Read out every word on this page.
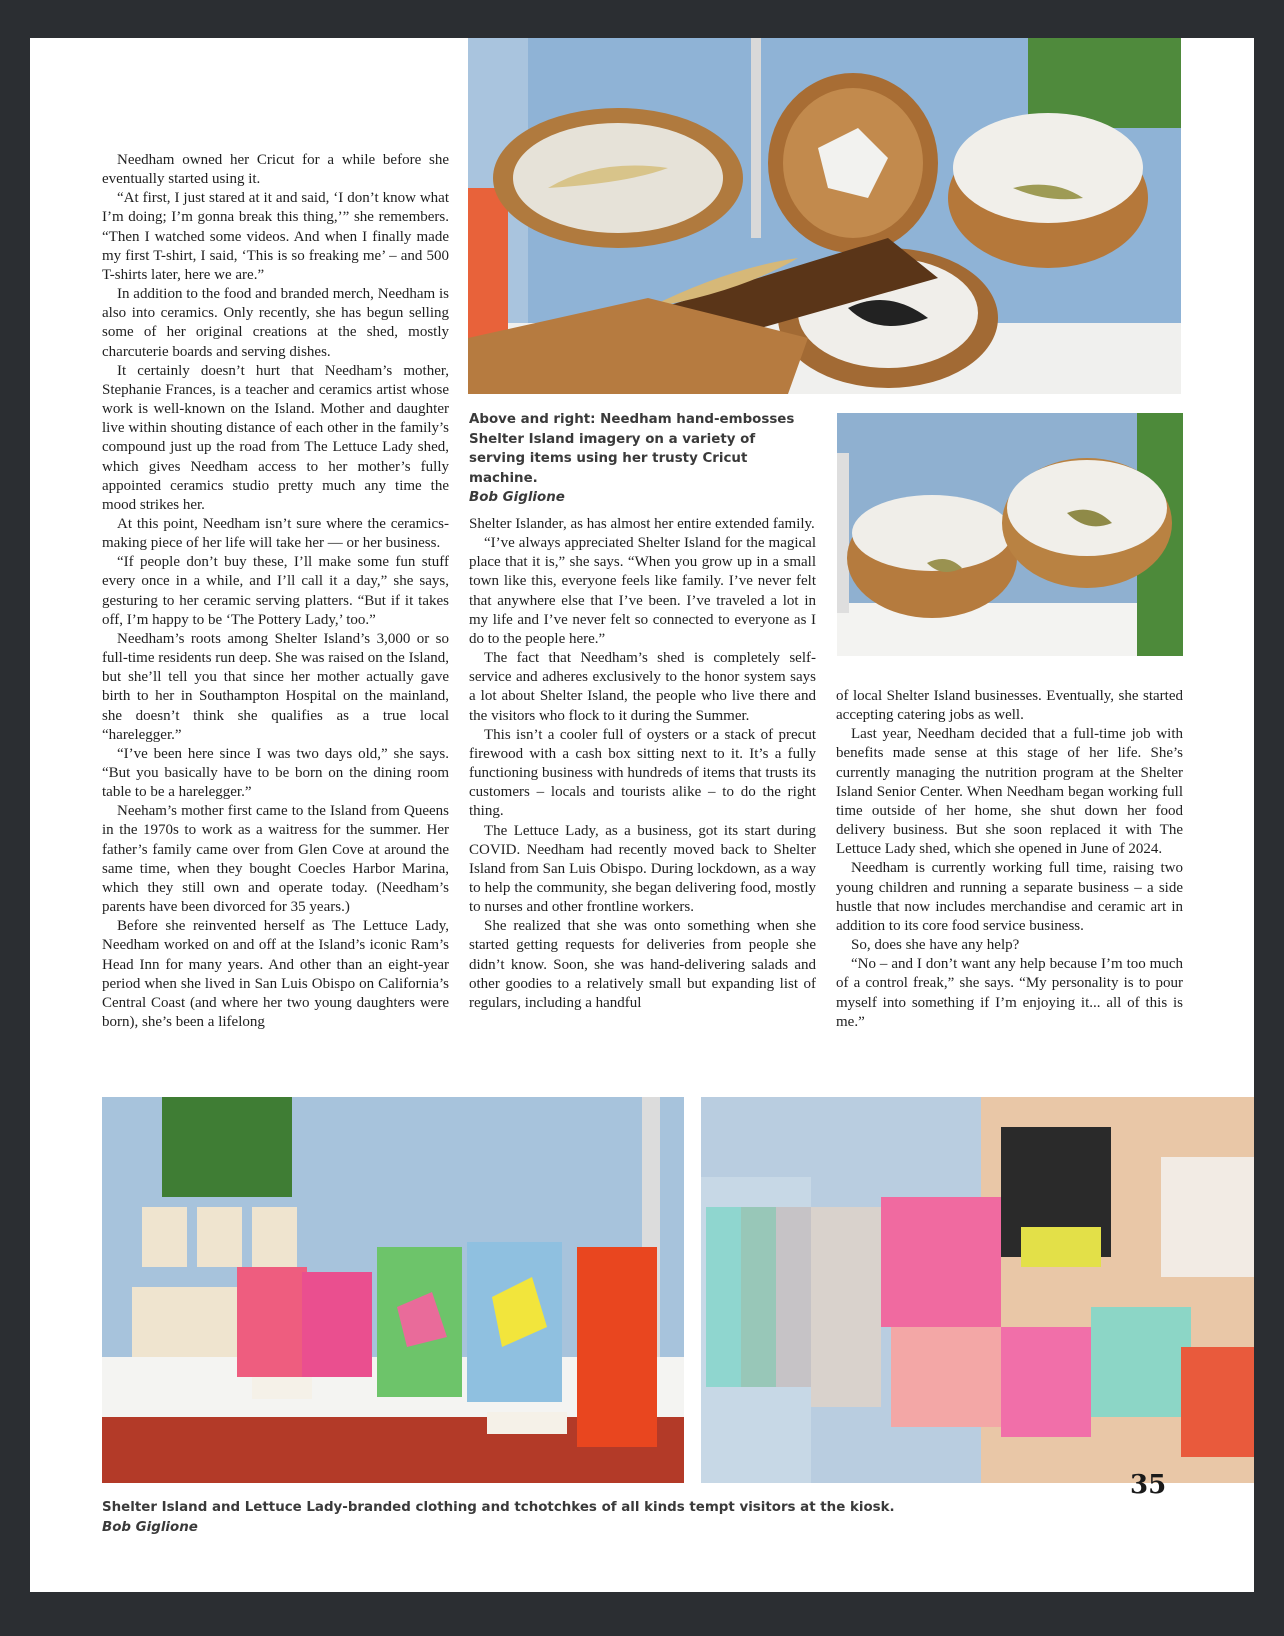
Needham owned her Cricut for a while before she eventually started using it.

“At first, I just stared at it and said, ‘I don’t know what I’m doing; I’m gonna break this thing,’” she remembers. “Then I watched some videos. And when I finally made my first T-shirt, I said, ‘This is so freaking me’ – and 500 T-shirts later, here we are.”

In addition to the food and branded merch, Needham is also into ceramics. Only recently, she has begun selling some of her original creations at the shed, mostly charcuterie boards and serving dishes.

It certainly doesn’t hurt that Needham’s mother, Stephanie Frances, is a teacher and ceramics artist whose work is well-known on the Island. Mother and daughter live within shouting distance of each other in the family’s compound just up the road from The Lettuce Lady shed, which gives Needham access to her mother’s fully appointed ceramics studio pretty much any time the mood strikes her.

At this point, Needham isn’t sure where the ceramics-making piece of her life will take her — or her business.

“If people don’t buy these, I’ll make some fun stuff every once in a while, and I’ll call it a day,” she says, gesturing to her ceramic serving platters. “But if it takes off, I’m happy to be ‘The Pottery Lady,’ too.”

Needham’s roots among Shelter Island’s 3,000 or so full-time residents run deep. She was raised on the Island, but she’ll tell you that since her mother actually gave birth to her in Southampton Hospital on the mainland, she doesn’t think she qualifies as a true local “harelegger.”

“I’ve been here since I was two days old,” she says. “But you basically have to be born on the dining room table to be a harelegger.”

Neeham’s mother first came to the Island from Queens in the 1970s to work as a waitress for the summer. Her father’s family came over from Glen Cove at around the same time, when they bought Coecles Harbor Marina, which they still own and operate today. (Needham’s parents have been divorced for 35 years.)

Before she reinvented herself as The Lettuce Lady, Needham worked on and off at the Island’s iconic Ram’s Head Inn for many years. And other than an eight-year period when she lived in San Luis Obispo on California’s Central Coast (and where her two young daughters were born), she’s been a lifelong

Above and right: Needham hand-embosses Shelter Island imagery on a variety of serving items using her trusty Cricut machine.
Bob Giglione

Shelter Islander, as has almost her entire extended family.

“I’ve always appreciated Shelter Island for the magical place that it is,” she says. “When you grow up in a small town like this, everyone feels like family. I’ve never felt that anywhere else that I’ve been. I’ve traveled a lot in my life and I’ve never felt so connected to everyone as I do to the people here.”

The fact that Needham’s shed is completely self-service and adheres exclusively to the honor system says a lot about Shelter Island, the people who live there and the visitors who flock to it during the Summer.

This isn’t a cooler full of oysters or a stack of precut firewood with a cash box sitting next to it. It’s a fully functioning business with hundreds of items that trusts its customers – locals and tourists alike – to do the right thing.

The Lettuce Lady, as a business, got its start during COVID. Needham had recently moved back to Shelter Island from San Luis Obispo. During lockdown, as a way to help the community, she began delivering food, mostly to nurses and other frontline workers.

She realized that she was onto something when she started getting requests for deliveries from people she didn’t know. Soon, she was hand-delivering salads and other goodies to a relatively small but expanding list of regulars, including a handful

of local Shelter Island businesses. Eventually, she started accepting catering jobs as well.

Last year, Needham decided that a full-time job with benefits made sense at this stage of her life. She’s currently managing the nutrition program at the Shelter Island Senior Center. When Needham began working full time outside of her home, she shut down her food delivery business. But she soon replaced it with The Lettuce Lady shed, which she opened in June of 2024.

Needham is currently working full time, raising two young children and running a separate business – a side hustle that now includes merchandise and ceramic art in addition to its core food service business.

So, does she have any help?

“No – and I don’t want any help because I’m too much of a control freak,” she says. “My personality is to pour myself into something if I’m enjoying it... all of this is me.”

Shelter Island and Lettuce Lady-branded clothing and tchotchkes of all kinds tempt visitors at the kiosk.
Bob Giglione
35
